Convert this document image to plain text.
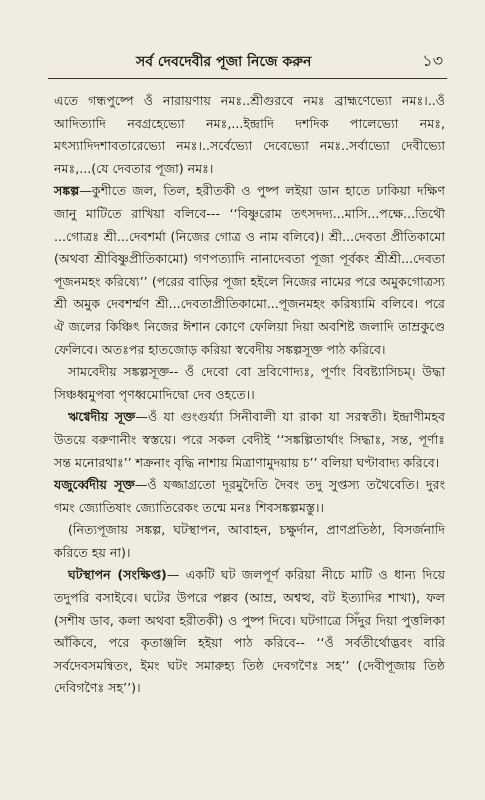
সর্ব দেবদেবীর পূজা নিজে করুন	১৩

এতে গন্ধপুষ্পে ওঁ নারায়ণায় নমঃ..শ্রীগুরবে নমঃ ব্রাহ্মণেভ্যো নমঃ।..ওঁ আদিত্যাদি নবগ্রহেভ্যো নমঃ,...ইন্দ্রাদি দশদিক পালেভ্যো নমঃ, মৎস্যাদিদশাবতারেভ্যো নমঃ।..সর্বেভ্যো দেবেভ্যো নমঃ..সর্বাভ্যো দেবীভ্যো নমঃ,...(যে দেবতার পূজা) নমঃ।

সঙ্কল্প—কুশীতে জল, তিল, হরীতকী ও পুষ্প লইয়া ডান হাতে ঢাকিয়া দক্ষিণ জানু মাটিতে রাখিয়া বলিবে--- ‘‘বিষ্ণুরোম তৎসদদ্য...মাসি...পক্ষে...তিথৌ ...গোত্রঃ শ্রী...দেবশর্মা (নিজের গোত্র ও নাম বলিবে)। শ্রী...দেবতা প্রীতিকামো (অথবা শ্রীবিষ্ণুপ্রীতিকামো) গণপত্যাদি নানাদেবতা পূজা পূর্বকং শ্রীশ্রী...দেবতা পূজনমহং করিষ্যে’’ (পরের বাড়ির পূজা হইলে নিজের নামের পরে অমুকগোত্রস্য শ্রী অমুক দেবশর্ম্মণ শ্রী...দেবতাপ্রীতিকামো...পূজনমহং করিষ্যামি বলিবে। পরে ঐ জলের কিঞ্চিৎ নিজের ঈশান কোণে ফেলিয়া দিয়া অবশিষ্ট জলাদি তাম্রকুণ্ডে ফেলিবে। অতঃপর হাতজোড় করিয়া স্ববেদীয় সঙ্কল্পসূক্ত পাঠ করিবে।

সামবেদীয় সঙ্কল্পসূক্ত-- ওঁ দেবো বো দ্রবিণোদ্যঃ, পূর্ণাং বিবষ্ট্যাসিচম্। উদ্ধা সিঞ্চধ্বমুপবা পৃণধ্বমোদিদ্বো দেব ওহতে।।

ঋগ্বেদীয় সূক্ত—ওঁ যা গুংগুর্য্যা সিনীবালী যা রাকা যা সরস্বতী। ইন্দ্রাণীমহব উতয়ে বরুণানীং স্বস্তয়ে। পরে সকল বেদীই ‘‘সঙ্কল্পিতার্থাং সিদ্ধাঃ, সন্ত, পূর্ণাঃ সন্ত মনোরথাঃ’’ শক্রনাং বৃদ্ধি নাশায় মিত্রাণামুদয়ায় চ’’ বলিয়া ঘণ্টাবাদ্য করিবে।

যজুর্ব্বেদীয় সূক্ত—ওঁ যজ্জাগ্রতো দূরমুদৈতি দৈবং তদু সুপ্তস্য তথৈবেতি। দুরং গমং জ্যোতিষাং জ্যোতিরেকং তন্মে মনঃ শিবসঙ্কল্পমস্তু।।

(নিত্যপূজায় সঙ্কল্প, ঘটস্থাপন, আবাহন, চক্ষুর্দান, প্রাণপ্রতিষ্ঠা, বিসর্জনাদি করিতে হয় না)।

ঘটস্থাপন (সংক্ষিপ্ত)— একটি ঘট জলপূর্ণ করিয়া নীচে মাটি ও ধান্য দিয়ে তদুপরি বসাইবে। ঘটের উপরে পল্লব (আম্র, অশ্বত্থ, বট ইত্যাদির শাখা), ফল (সশীষ ডাব, কলা অথবা হরীতকী) ও পুষ্প দিবে। ঘটগাত্রে সিঁদুর দিয়া পুত্তলিকা আঁকিবে, পরে কৃতাঞ্জলি হইয়া পাঠ করিবে-- ‘‘ওঁ সর্বতীর্থোদ্ভবং বারি সর্বদেবসমন্বিতং, ইমং ঘটং সমারুহ্য তিষ্ঠ দেবগণৈঃ সহ’’ (দেবীপূজায় তিষ্ঠ দেবিগণৈঃ সহ’’)।
